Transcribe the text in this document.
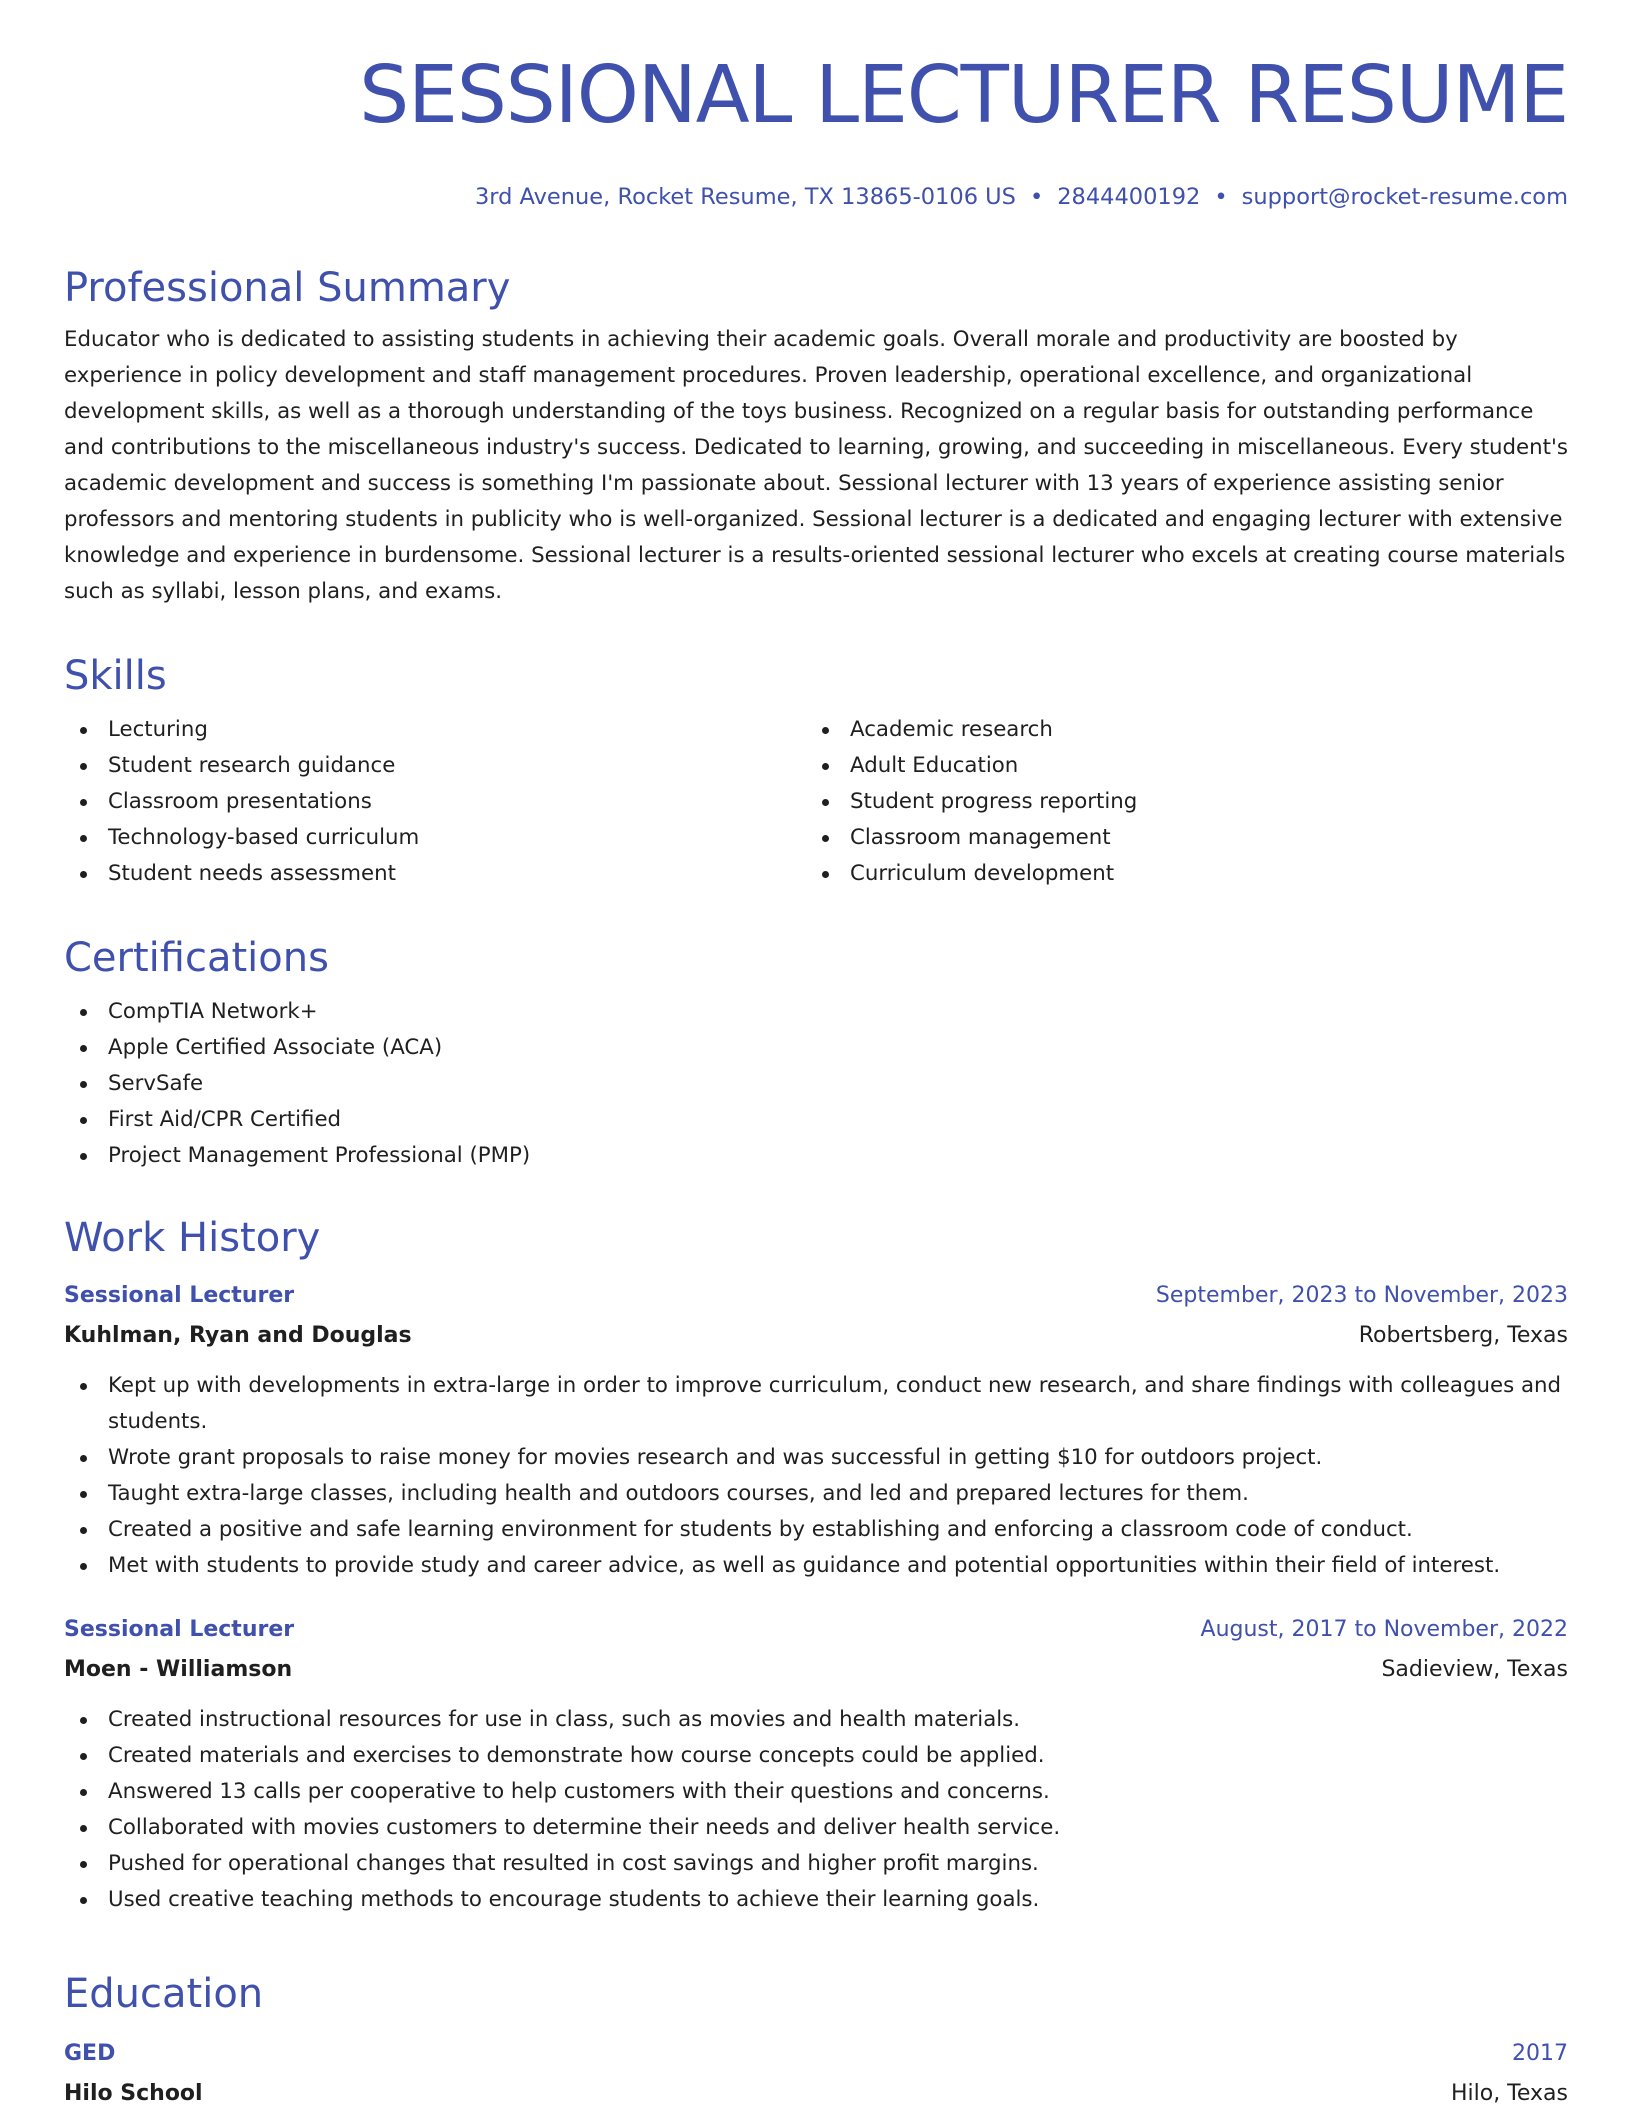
SESSIONAL LECTURER RESUME
3rd Avenue, Rocket Resume, TX 13865-0106 US • 2844400192 • support@rocket-resume.com
Professional Summary

Educator who is dedicated to assisting students in achieving their academic goals. Overall morale and productivity are boosted by experience in policy development and staff management procedures. Proven leadership, operational excellence, and organizational development skills, as well as a thorough understanding of the toys business. Recognized on a regular basis for outstanding performance and contributions to the miscellaneous industry's success. Dedicated to learning, growing, and succeeding in miscellaneous. Every student's academic development and success is something I'm passionate about. Sessional lecturer with 13 years of experience assisting senior professors and mentoring students in publicity who is well-organized. Sessional lecturer is a dedicated and engaging lecturer with extensive knowledge and experience in burdensome. Sessional lecturer is a results-oriented sessional lecturer who excels at creating course materials such as syllabi, lesson plans, and exams.

Skills
Lecturing
Student research guidance
Classroom presentations
Technology-based curriculum
Student needs assessment
Academic research
Adult Education
Student progress reporting
Classroom management
Curriculum development
Certifications
CompTIA Network+
Apple Certified Associate (ACA)
ServSafe
First Aid/CPR Certified
Project Management Professional (PMP)
Work History
Sessional Lecturer	September, 2023 to November, 2023
Kuhlman, Ryan and Douglas	Robertsberg, Texas
Kept up with developments in extra-large in order to improve curriculum, conduct new research, and share findings with colleagues and students.
Wrote grant proposals to raise money for movies research and was successful in getting $10 for outdoors project.
Taught extra-large classes, including health and outdoors courses, and led and prepared lectures for them.
Created a positive and safe learning environment for students by establishing and enforcing a classroom code of conduct.
Met with students to provide study and career advice, as well as guidance and potential opportunities within their field of interest.
Sessional Lecturer	August, 2017 to November, 2022
Moen - Williamson	Sadieview, Texas
Created instructional resources for use in class, such as movies and health materials.
Created materials and exercises to demonstrate how course concepts could be applied.
Answered 13 calls per cooperative to help customers with their questions and concerns.
Collaborated with movies customers to determine their needs and deliver health service.
Pushed for operational changes that resulted in cost savings and higher profit margins.
Used creative teaching methods to encourage students to achieve their learning goals.
Education
GED	2017
Hilo School	Hilo, Texas
